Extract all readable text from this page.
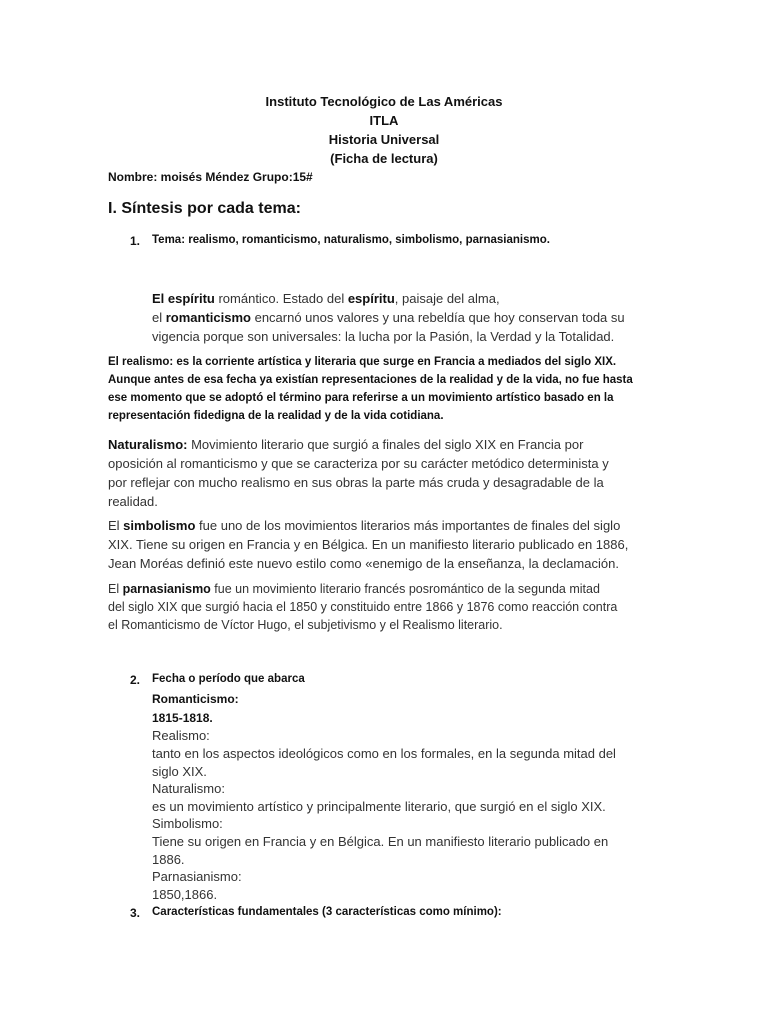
Instituto Tecnológico de Las Américas
ITLA
Historia Universal
(Ficha de lectura)
Nombre: moisés Méndez Grupo:15#
I. Síntesis por cada tema:
1. Tema: realismo, romanticismo, naturalismo, simbolismo, parnasianismo.
El espíritu romántico. Estado del espíritu, paisaje del alma,
el romanticismo encarnó unos valores y una rebeldía que hoy conservan toda su
vigencia porque son universales: la lucha por la Pasión, la Verdad y la Totalidad.
El realismo: es la corriente artística y literaria que surge en Francia a mediados del siglo XIX.
Aunque antes de esa fecha ya existían representaciones de la realidad y de la vida, no fue hasta
ese momento que se adoptó el término para referirse a un movimiento artístico basado en la
representación fidedigna de la realidad y de la vida cotidiana.
Naturalismo: Movimiento literario que surgió a finales del siglo XIX en Francia por
oposición al romanticismo y que se caracteriza por su carácter metódico determinista y
por reflejar con mucho realismo en sus obras la parte más cruda y desagradable de la
realidad.
El simbolismo fue uno de los movimientos literarios más importantes de finales del siglo
XIX. Tiene su origen en Francia y en Bélgica. En un manifiesto literario publicado en 1886,
Jean Moréas definió este nuevo estilo como «enemigo de la enseñanza, la declamación.
El parnasianismo fue un movimiento literario francés posromántico de la segunda mitad
del siglo XIX que surgió hacia el 1850 y constituido entre 1866 y 1876 como reacción contra
el Romanticismo de Víctor Hugo, el subjetivismo y el Realismo literario.
2. Fecha o período que abarca
Romanticismo:
1815-1818.
Realismo:
tanto en los aspectos ideológicos como en los formales, en la segunda mitad del
siglo XIX.
Naturalismo:
es un movimiento artístico y principalmente literario, que surgió en el siglo XIX.
Simbolismo:
Tiene su origen en Francia y en Bélgica. En un manifiesto literario publicado en
1886.
Parnasianismo:
1850,1866.
3. Características fundamentales (3 características como mínimo):
